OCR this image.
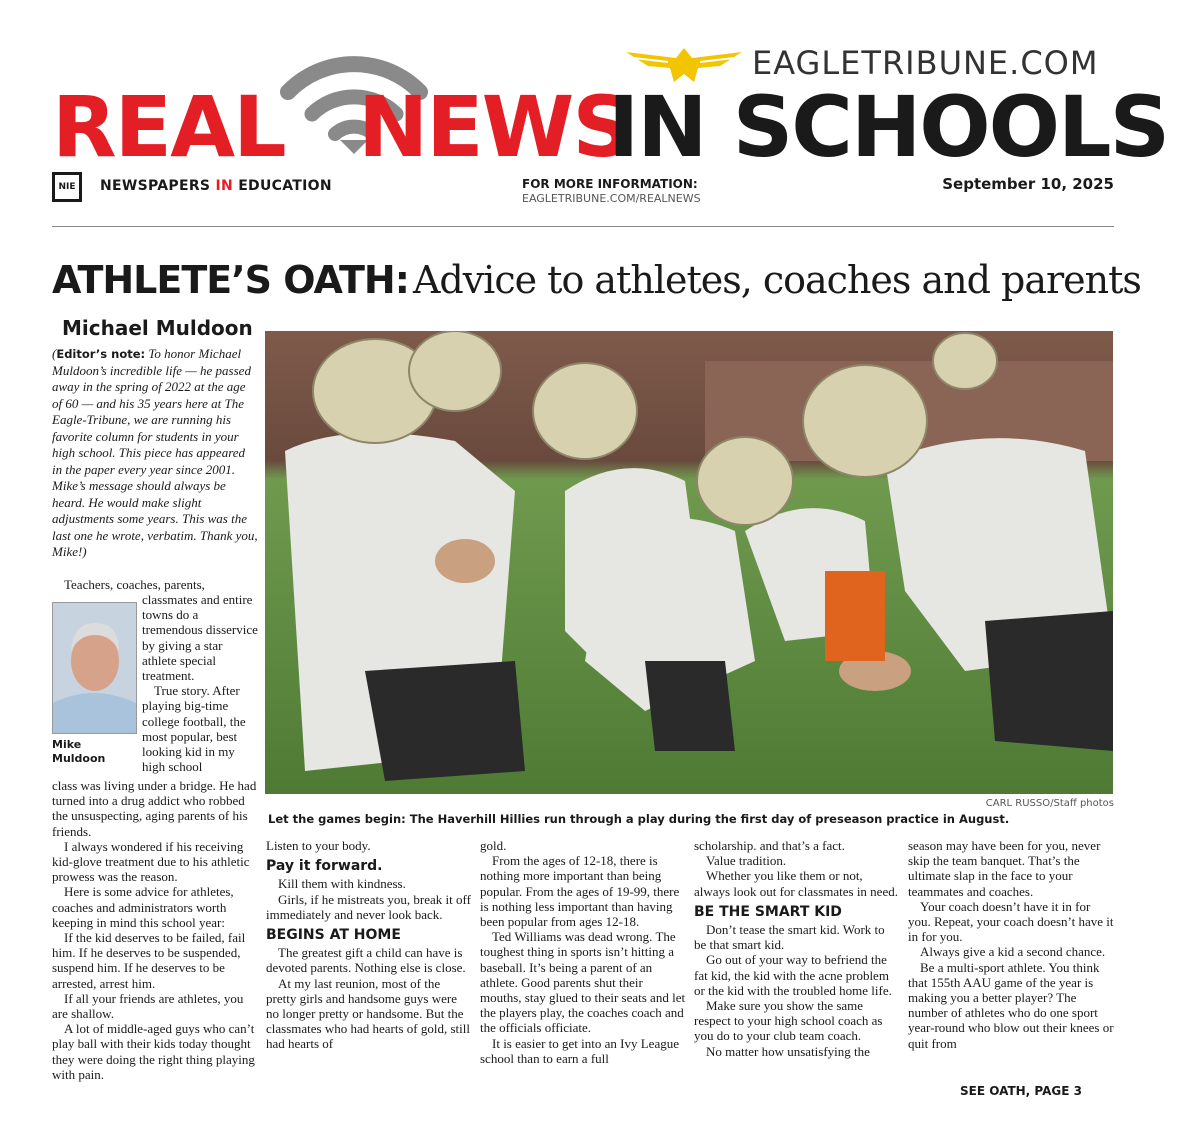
REAL NEWS
IN SCHOOLS
EAGLETRIBUNE.COM
NIE	NEWSPAPERS IN EDUCATION	FOR MORE INFORMATION:
EAGLETRIBUNE.COM/REALNEWS
September 10, 2025
ATHLETE’S OATH: Advice to athletes, coaches and parents
Michael Muldoon
(Editor’s note: To honor Michael Muldoon’s incredible life — he passed away in the spring of 2022 at the age of 60 — and his 35 years here at The Eagle-Tribune, we are running his favorite column for students in your high school. This piece has appeared in the paper every year since 2001. Mike’s message should always be heard. He would make slight adjustments some years. This was the last one he wrote, verbatim. Thank you, Mike!)
CARL RUSSO/Staff photos
Let the games begin: The Haverhill Hillies run through a play during the first day of preseason practice in August.

Teachers, coaches, parents,

Mike
Muldoon

classmates and entire towns do a tremendous disservice by giving a star athlete special treatment.

True story. After playing big-time college football, the most popular, best looking kid in my high school

class was living under a bridge. He had turned into a drug addict who robbed the unsuspecting, aging parents of his friends.

I always wondered if his receiving kid-glove treatment due to his athletic prowess was the reason.

Here is some advice for athletes, coaches and administrators worth keeping in mind this school year:

If the kid deserves to be failed, fail him. If he deserves to be suspended, suspend him. If he deserves to be arrested, arrest him.

If all your friends are athletes, you are shallow.

A lot of middle-aged guys who can’t play ball with their kids today thought they were doing the right thing playing with pain.

Listen to your body.

Pay it forward.

Kill them with kindness.

Girls, if he mistreats you, break it off immediately and never look back.

BEGINS AT HOME

The greatest gift a child can have is devoted parents. Nothing else is close.

At my last reunion, most of the pretty girls and handsome guys were no longer pretty or handsome. But the classmates who had hearts of gold, still had hearts of

gold.

From the ages of 12-18, there is nothing more important than being popular. From the ages of 19-99, there is nothing less important than having been popular from ages 12-18.

Ted Williams was dead wrong. The toughest thing in sports isn’t hitting a baseball. It’s being a parent of an athlete. Good parents shut their mouths, stay glued to their seats and let the players play, the coaches coach and the officials officiate.

It is easier to get into an Ivy League school than to earn a full

scholarship. and that’s a fact.

Value tradition.

Whether you like them or not, always look out for classmates in need.

BE THE SMART KID

Don’t tease the smart kid. Work to be that smart kid.

Go out of your way to befriend the fat kid, the kid with the acne problem or the kid with the troubled home life.

Make sure you show the same respect to your high school coach as you do to your club team coach.

No matter how unsatisfying the

season may have been for you, never skip the team banquet. That’s the ultimate slap in the face to your teammates and coaches.

Your coach doesn’t have it in for you. Repeat, your coach doesn’t have it in for you.

Always give a kid a second chance.

Be a multi-sport athlete. You think that 155th AAU game of the year is making you a better player? The number of athletes who do one sport year-round who blow out their knees or quit from

SEE OATH, PAGE 3
